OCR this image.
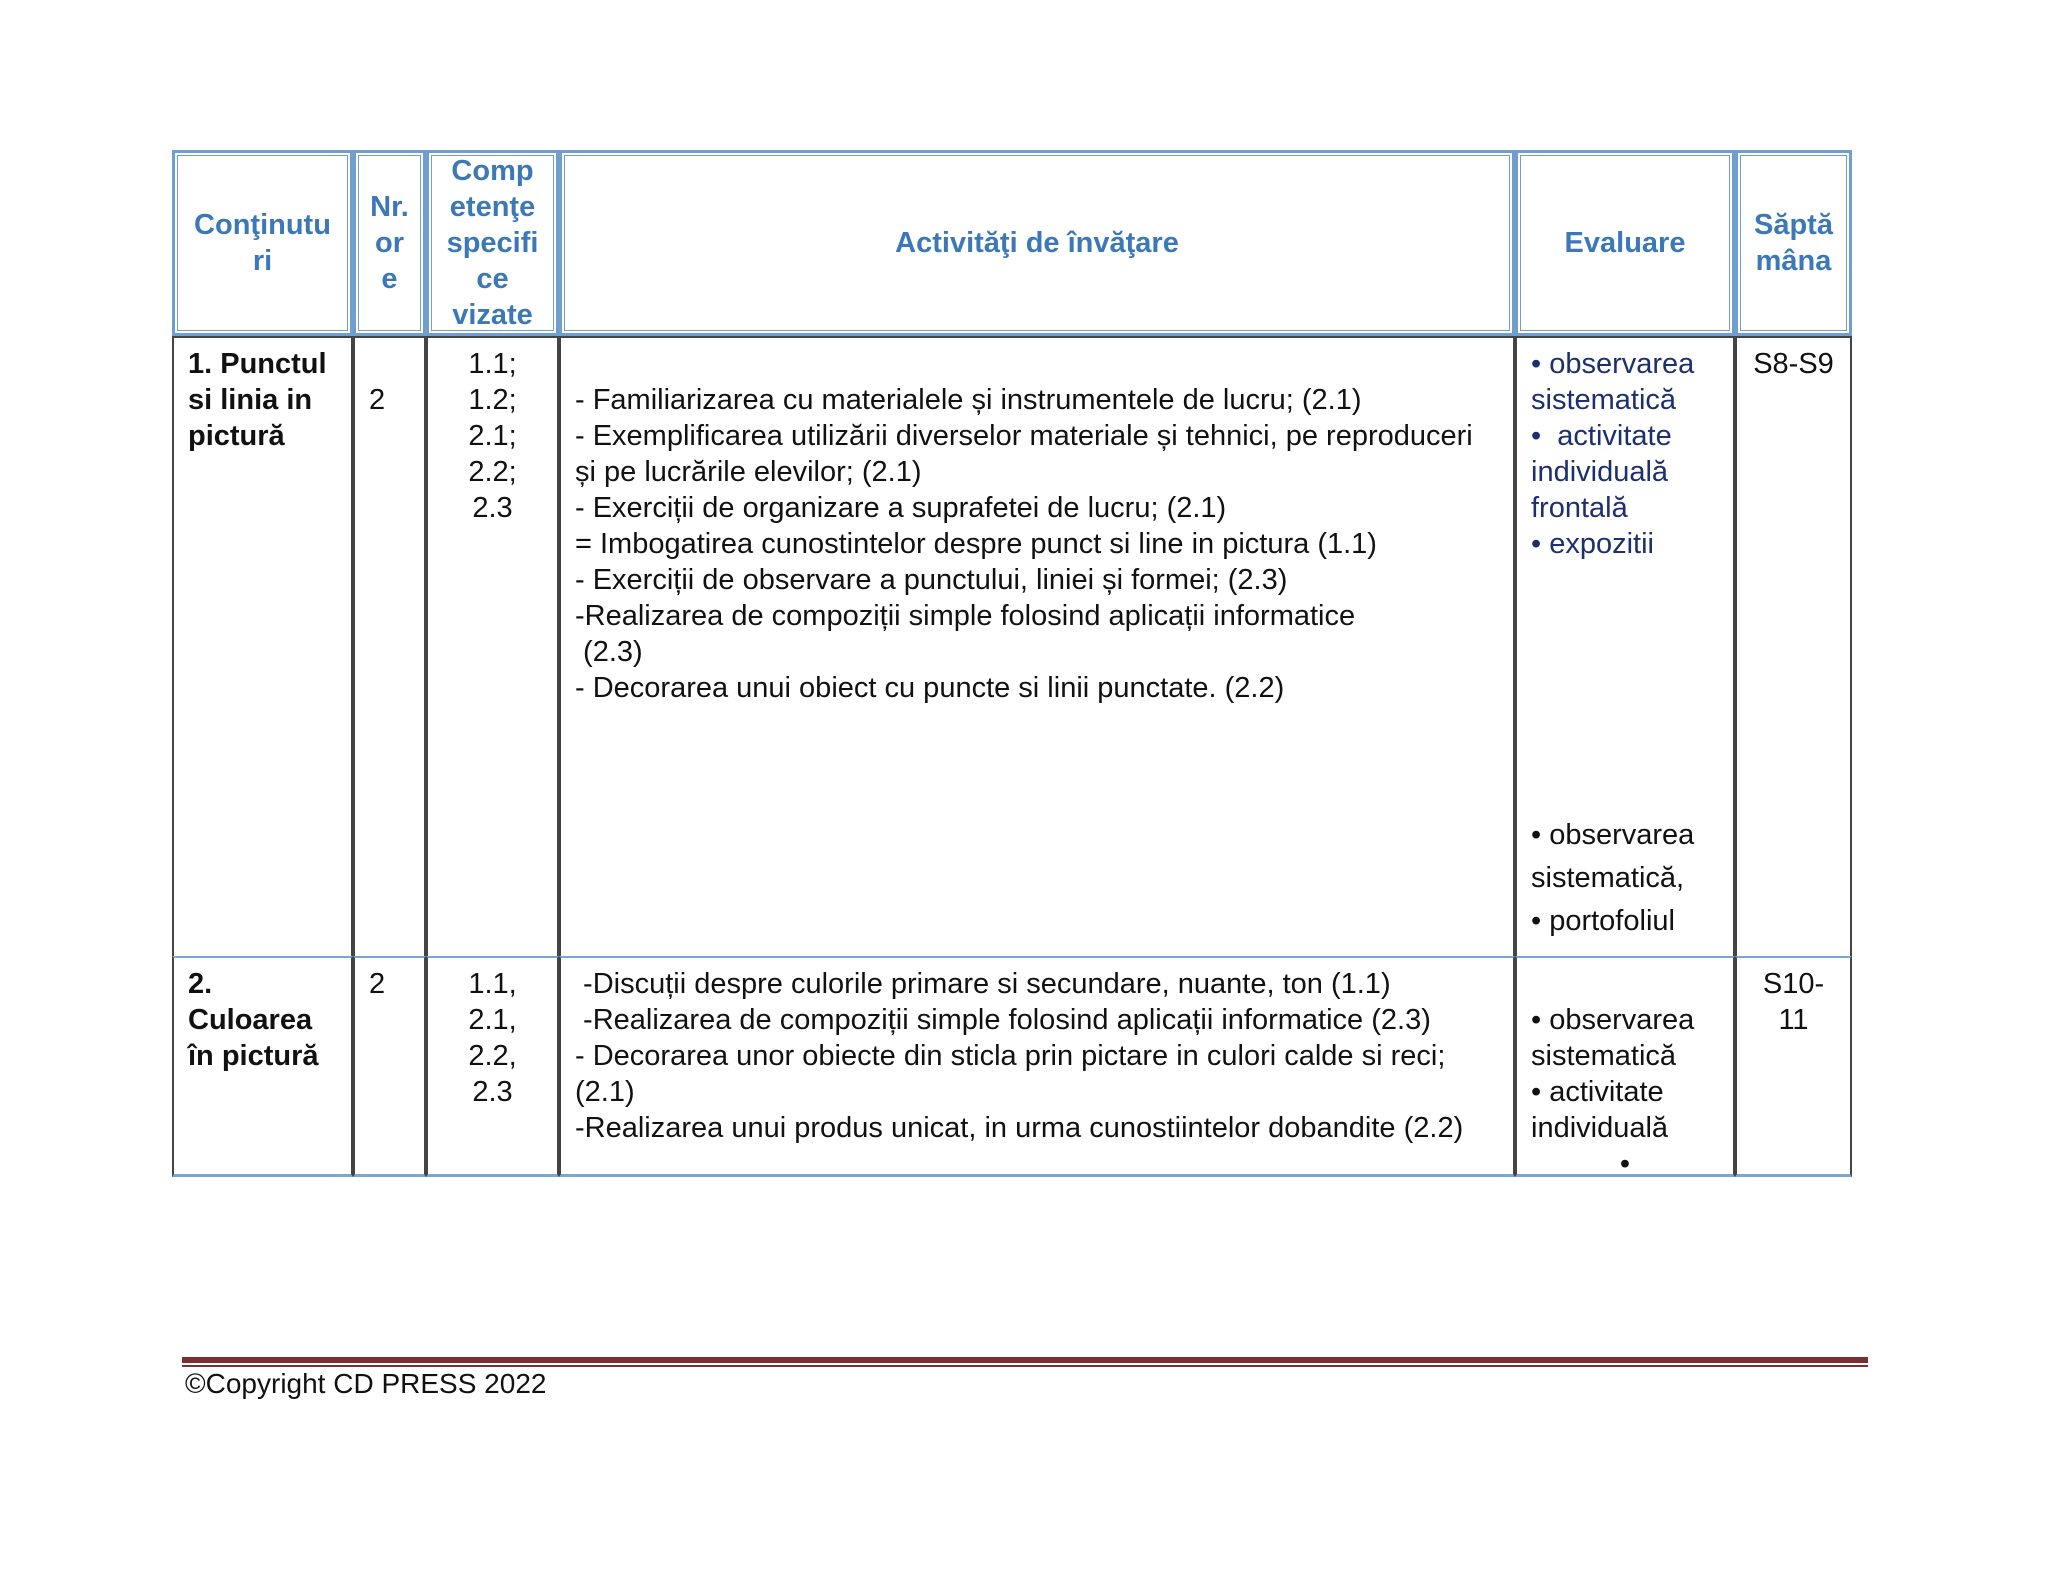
Conţinutu
ri
Nr.
or
e
Comp
etenţe
specifi
ce
vizate
Activităţi de învăţare	Evaluare
Săptă
mâna
1. Punctul
si linia in
pictură
2
1.1;
1.2;
2.1;
2.2;
2.3
- Familiarizarea cu materialele și instrumentele de lucru; (2.1)
- Exemplificarea utilizării diverselor materiale și tehnici, pe reproduceri
și pe lucrările elevilor; (2.1)
- Exerciții de organizare a suprafetei de lucru; (2.1)
= Imbogatirea cunostintelor despre punct si line in pictura (1.1)
- Exerciții de observare a punctului, liniei și formei; (2.3)
-Realizarea de compoziții simple folosind aplicații informatice
(2.3)
- Decorarea unui obiect cu puncte si linii punctate. (2.2)
• observarea
sistematică
•  activitate
individuală
frontală
• expozitii
• observarea
sistematică,
• portofoliul
S8-S9
2.
Culoarea
în pictură
2	1.1,
2.1,
2.2,
2.3
-Discuții despre culorile primare si secundare, nuante, ton (1.1)
-Realizarea de compoziții simple folosind aplicații informatice (2.3)
- Decorarea unor obiecte din sticla prin pictare in culori calde si reci;
(2.1)
-Realizarea unui produs unicat, in urma cunostiintelor dobandite (2.2)
• observarea
sistematică
• activitate
individuală
•
S10-
11
©Copyright CD PRESS 2022
